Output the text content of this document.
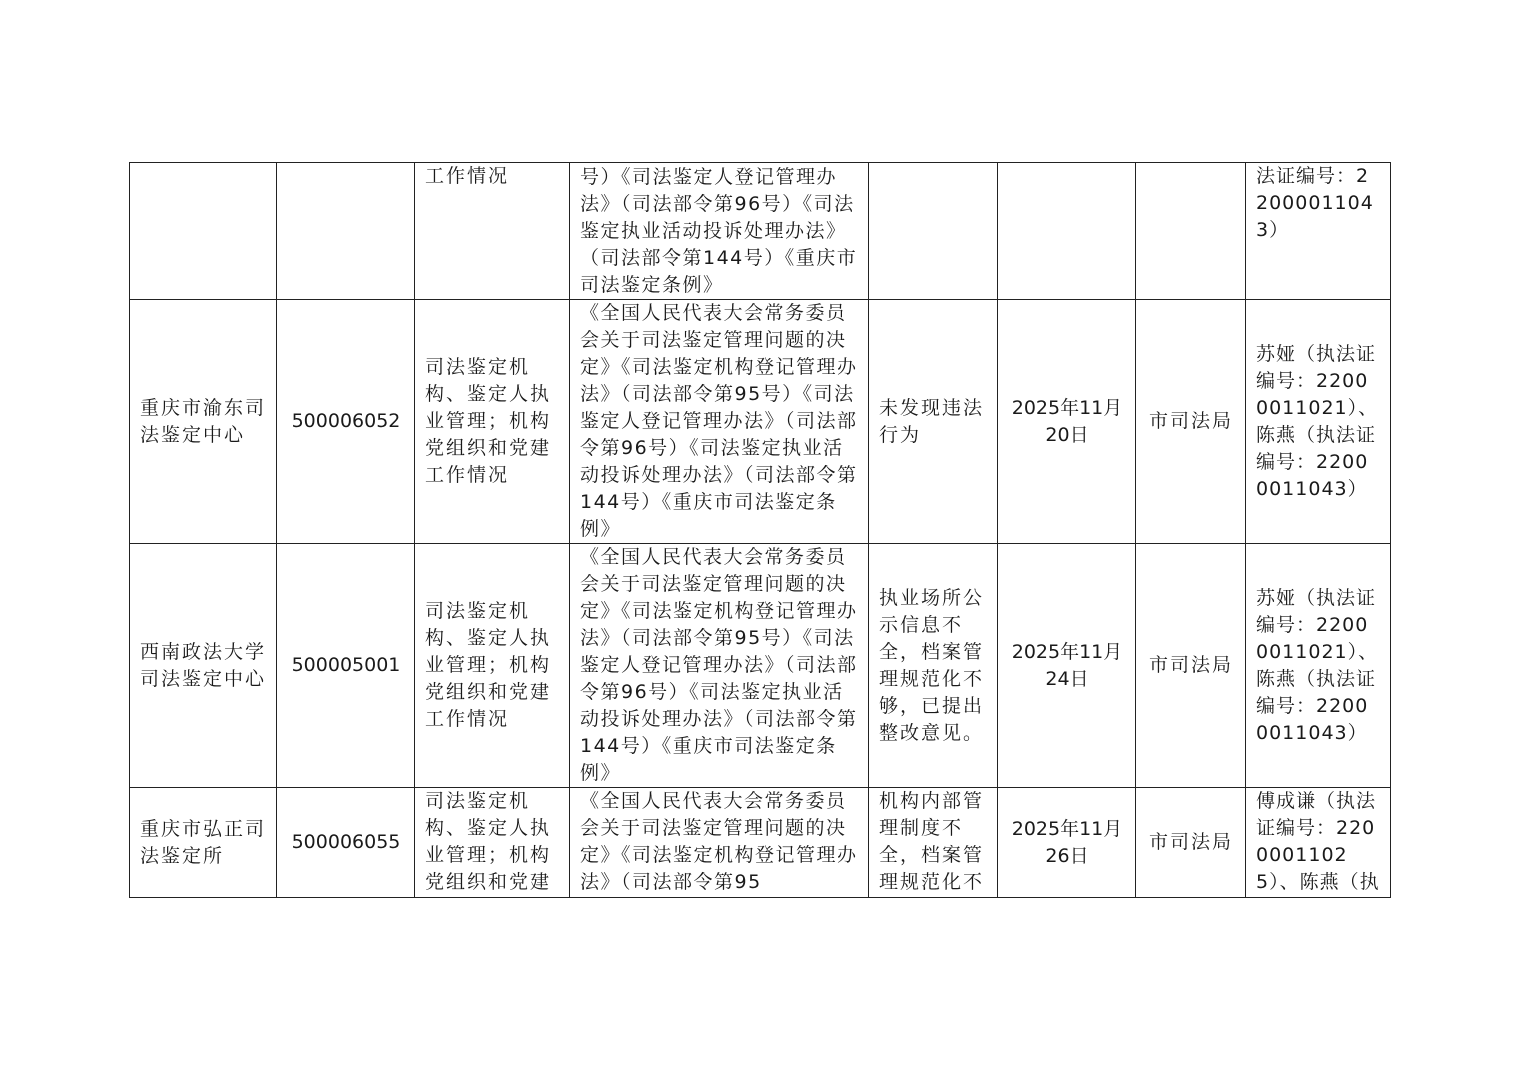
		工作情况	号）《司法鉴定人登记管理办法》（司法部令第96号）《司法鉴定执业活动投诉处理办法》（司法部令第144号）《重庆市司法鉴定条例》				法证编号：22000011043）
重庆市渝东司法鉴定中心	500006052	司法鉴定机构、鉴定人执业管理；机构党组织和党建工作情况	《全国人民代表大会常务委员会关于司法鉴定管理问题的决定》《司法鉴定机构登记管理办法》（司法部令第95号）《司法鉴定人登记管理办法》（司法部令第96号）《司法鉴定执业活动投诉处理办法》（司法部令第144号）《重庆市司法鉴定条例》	未发现违法行为	2025年11月20日	市司法局	苏娅（执法证编号：22000011021）、陈燕（执法证编号：22000011043）
西南政法大学司法鉴定中心	500005001	司法鉴定机构、鉴定人执业管理；机构党组织和党建工作情况	《全国人民代表大会常务委员会关于司法鉴定管理问题的决定》《司法鉴定机构登记管理办法》（司法部令第95号）《司法鉴定人登记管理办法》（司法部令第96号）《司法鉴定执业活动投诉处理办法》（司法部令第144号）《重庆市司法鉴定条例》	执业场所公示信息不全，档案管理规范化不够，已提出整改意见。	2025年11月24日	市司法局	苏娅（执法证编号：22000011021）、陈燕（执法证编号：22000011043）
重庆市弘正司法鉴定所	500006055	司法鉴定机构、鉴定人执业管理；机构党组织和党建	《全国人民代表大会常务委员会关于司法鉴定管理问题的决定》《司法鉴定机构登记管理办法》（司法部令第95	机构内部管理制度不全，档案管理规范化不	2025年11月26日	市司法局	傅成谦（执法证编号：22000011025）、陈燕（执
